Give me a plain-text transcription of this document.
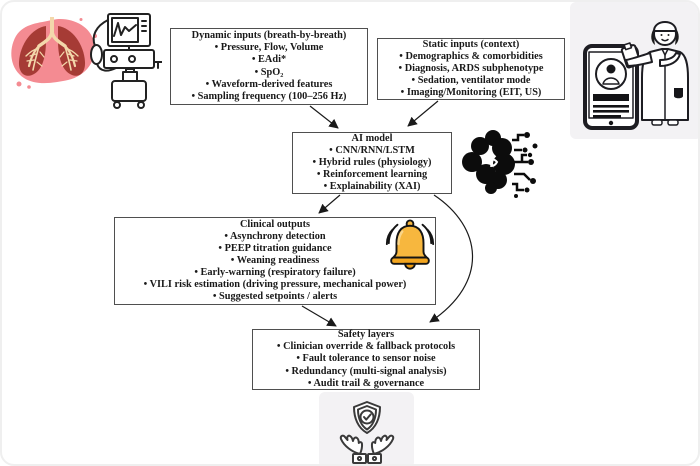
Dynamic inputs (breath-by-breath)
• Pressure, Flow, Volume
• EAdi*
• SpO₂
• Waveform-derived features
• Sampling frequency (100–256 Hz)
Static inputs (context)
• Demographics & comorbidities
• Diagnosis, ARDS subphenotype
• Sedation, ventilator mode
• Imaging/Monitoring (EIT, US)
AI model
• CNN/RNN/LSTM
• Hybrid rules (physiology)
• Reinforcement learning
• Explainability (XAI)
Clinical outputs
• Asynchrony detection
• PEEP titration guidance
• Weaning readiness
• Early-warning (respiratory failure)
• VILI risk estimation (driving pressure, mechanical power)
• Suggested setpoints / alerts
Safety layers
• Clinician override & fallback protocols
• Fault tolerance to sensor noise
• Redundancy (multi-signal analysis)
• Audit trail & governance
